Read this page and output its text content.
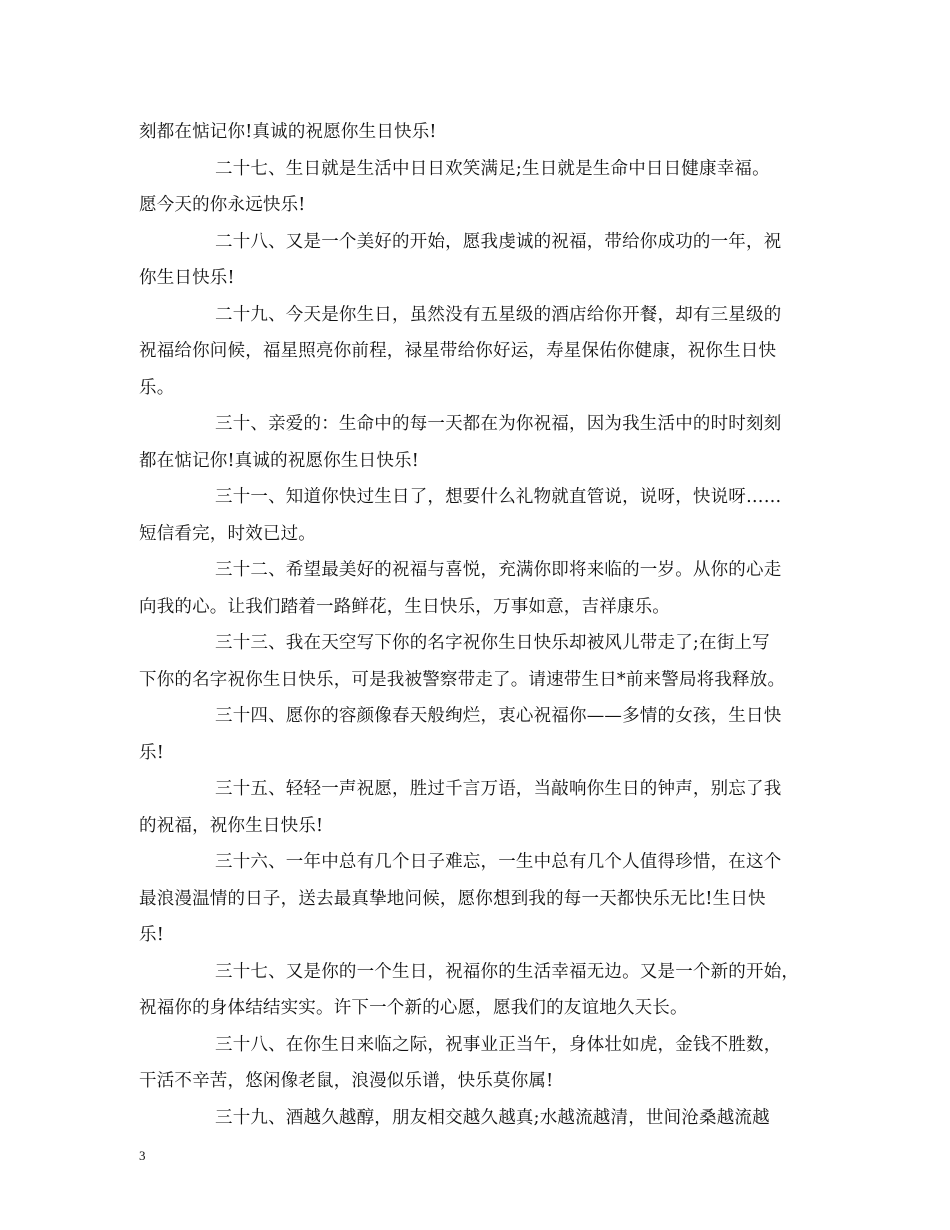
刻都在惦记你!真诚的祝愿你生日快乐!
二十七、生日就是生活中日日欢笑满足;生日就是生命中日日健康幸福。
愿今天的你永远快乐!
二十八、又是一个美好的开始，愿我虔诚的祝福，带给你成功的一年，祝
你生日快乐!
二十九、今天是你生日，虽然没有五星级的酒店给你开餐，却有三星级的
祝福给你问候，福星照亮你前程，禄星带给你好运，寿星保佑你健康，祝你生日快
乐。
三十、亲爱的：生命中的每一天都在为你祝福，因为我生活中的时时刻刻
都在惦记你!真诚的祝愿你生日快乐!
三十一、知道你快过生日了，想要什么礼物就直管说，说呀，快说呀……
短信看完，时效已过。
三十二、希望最美好的祝福与喜悦，充满你即将来临的一岁。从你的心走
向我的心。让我们踏着一路鲜花，生日快乐，万事如意，吉祥康乐。
三十三、我在天空写下你的名字祝你生日快乐却被风儿带走了;在街上写
下你的名字祝你生日快乐，可是我被警察带走了。请速带生日*前来警局将我释放。
三十四、愿你的容颜像春天般绚烂，衷心祝福你——多情的女孩，生日快
乐!
三十五、轻轻一声祝愿，胜过千言万语，当敲响你生日的钟声，别忘了我
的祝福，祝你生日快乐!
三十六、一年中总有几个日子难忘，一生中总有几个人值得珍惜，在这个
最浪漫温情的日子，送去最真挚地问候，愿你想到我的每一天都快乐无比!生日快
乐!
三十七、又是你的一个生日，祝福你的生活幸福无边。又是一个新的开始，
祝福你的身体结结实实。许下一个新的心愿，愿我们的友谊地久天长。
三十八、在你生日来临之际，祝事业正当午，身体壮如虎，金钱不胜数，
干活不辛苦，悠闲像老鼠，浪漫似乐谱，快乐莫你属!
三十九、酒越久越醇，朋友相交越久越真;水越流越清，世间沧桑越流越
3
